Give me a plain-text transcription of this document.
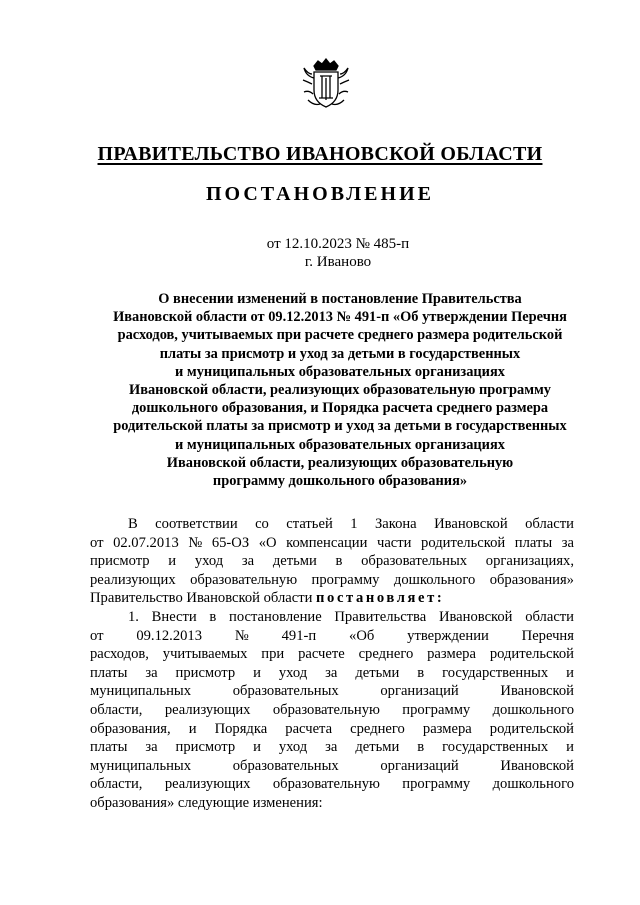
ПРАВИТЕЛЬСТВО ИВАНОВСКОЙ ОБЛАСТИ
ПОСТАНОВЛЕНИЕ
от 12.10.2023 № 485-п
г. Иваново
О внесении изменений в постановление Правительства
Ивановской области от 09.12.2013 № 491-п «Об утверждении Перечня
расходов, учитываемых при расчете среднего размера родительской
платы за присмотр и уход за детьми в государственных
и муниципальных образовательных организациях
Ивановской области, реализующих образовательную программу
дошкольного образования, и Порядка расчета среднего размера
родительской платы за присмотр и уход за детьми в государственных
и муниципальных образовательных организациях
Ивановской области, реализующих образовательную
программу дошкольного образования»
В соответствии со статьей 1 Закона Ивановской области
от 02.07.2013 № 65-ОЗ «О компенсации части родительской платы за
присмотр и уход за детьми в образовательных организациях,
реализующих образовательную программу дошкольного образования»
Правительство Ивановской области постановляет:
1. Внести в постановление Правительства Ивановской области
от 09.12.2013 № 491-п «Об утверждении Перечня
расходов, учитываемых при расчете среднего размера родительской
платы за присмотр и уход за детьми в государственных и
муниципальных	образовательных	организаций	Ивановской
области, реализующих образовательную программу дошкольного
образования, и Порядка расчета среднего размера родительской
платы за присмотр и уход за детьми в государственных и
муниципальных	образовательных	организаций	Ивановской
области, реализующих образовательную программу дошкольного
образования» следующие изменения:
